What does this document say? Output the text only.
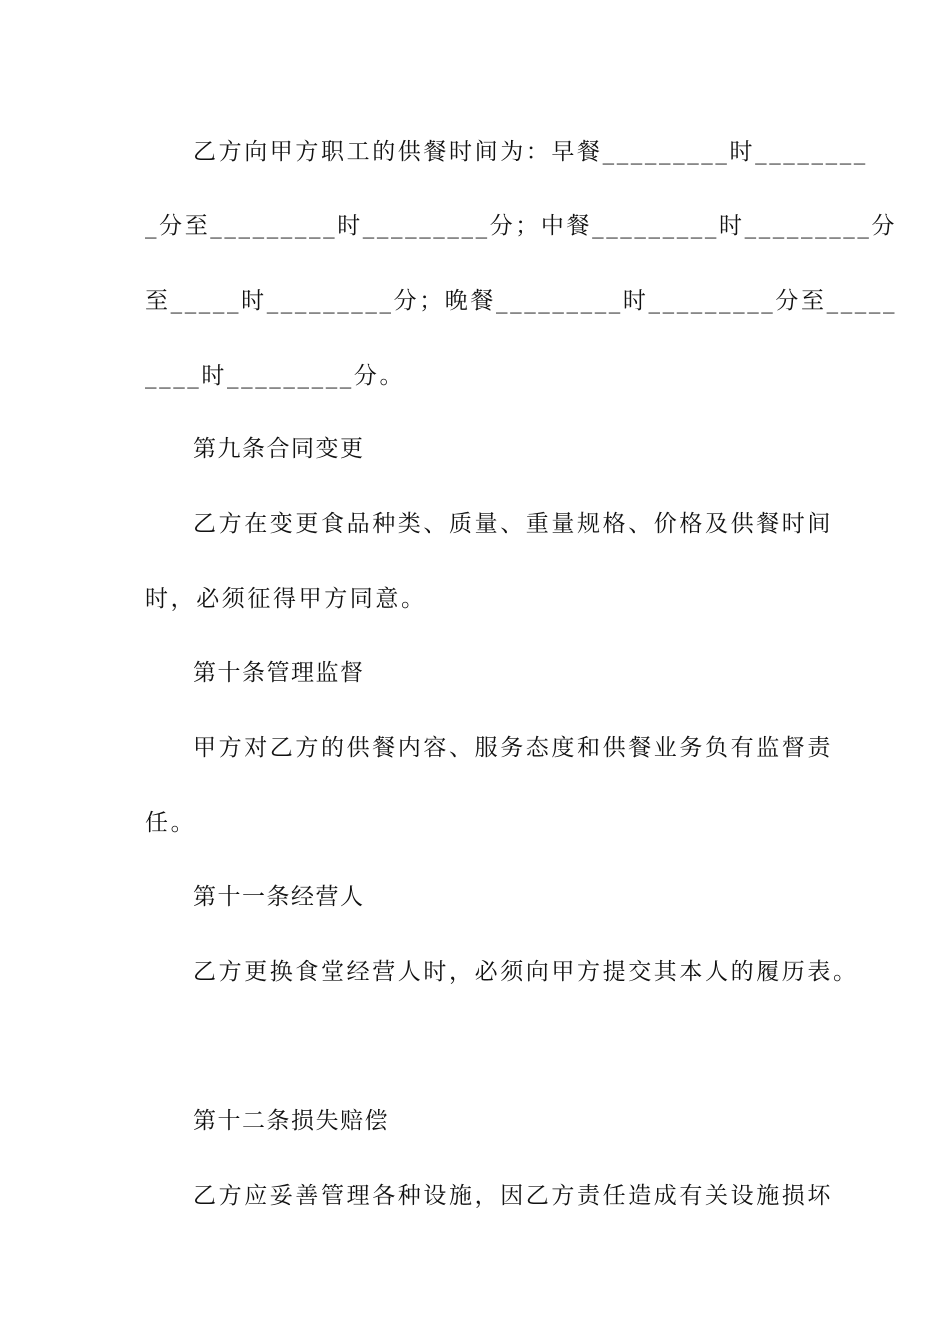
乙方向甲方职工的供餐时间为：早餐_________时________
_分至_________时_________分；中餐_________时_________分
至_____时_________分；晚餐_________时_________分至_____
____时_________分。
第九条合同变更
乙方在变更食品种类、质量、重量规格、价格及供餐时间
时，必须征得甲方同意。
第十条管理监督
甲方对乙方的供餐内容、服务态度和供餐业务负有监督责
任。
第十一条经营人
乙方更换食堂经营人时，必须向甲方提交其本人的履历表。
第十二条损失赔偿
乙方应妥善管理各种设施，因乙方责任造成有关设施损坏
